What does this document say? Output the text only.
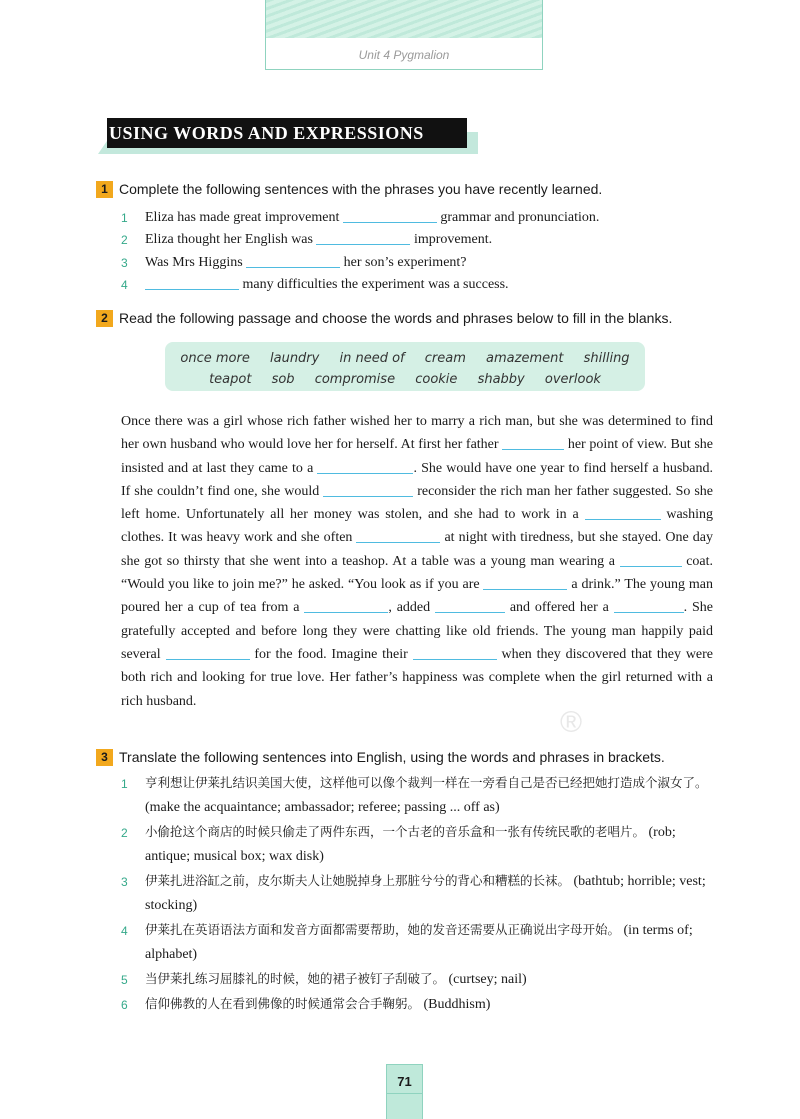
Unit 4 Pygmalion
USING WORDS AND EXPRESSIONS
1 Complete the following sentences with the phrases you have recently learned.
1 Eliza has made great improvement	grammar and pronunciation.
2 Eliza thought her English was	improvement.
3 Was Mrs Higgins	her son’s experiment?
4	many difficulties the experiment was a success.
2 Read the following passage and choose the words and phrases below to fill in the blanks.
once more laundry in need of cream amazement shilling
teapot sob compromise cookie shabby overlook
Once there was a girl whose rich father wished her to marry a rich man, but she was determined to find her own husband who would love her for herself. At first her father	her point of view. But she insisted and at last they came to a	. She would have one year to find herself a husband. If she couldn’t find one, she would	reconsider the rich man her father suggested. So she left home. Unfortunately all her money was stolen, and she had to work in a	washing clothes. It was heavy work and she often	at night with tiredness, but she stayed. One day she got so thirsty that she went into a teashop. At a table was a young man wearing a	coat. “Would you like to join me?” he asked. “You look as if you are	a drink.” The young man poured her a cup of tea from a	, added	and offered her a	. She gratefully accepted and before long they were chatting like old friends. The young man happily paid several	for the food. Imagine their	when they discovered that they were both rich and looking for true love. Her father’s happiness was complete when the girl returned with a rich husband.
®
3 Translate the following sentences into English, using the words and phrases in brackets.
1 亨利想让伊莱扎结识美国大使，这样他可以像个裁判一样在一旁看自己是否已经把她打造成个淑女了。 (make the acquaintance; ambassador; referee; passing ... off as)
2 小偷抢这个商店的时候只偷走了两件东西，一个古老的音乐盒和一张有传统民歌的老唱片。 (rob; antique; musical box; wax disk)
3 伊莱扎进浴缸之前，皮尔斯夫人让她脱掉身上那脏兮兮的背心和糟糕的长袜。 (bathtub; horrible; vest; stocking)
4 伊莱扎在英语语法方面和发音方面都需要帮助，她的发音还需要从正确说出字母开始。 (in terms of; alphabet)
5 当伊莱扎练习屈膝礼的时候，她的裙子被钉子刮破了。 (curtsey; nail)
6 信仰佛教的人在看到佛像的时候通常会合手鞠躬。 (Buddhism)
71
